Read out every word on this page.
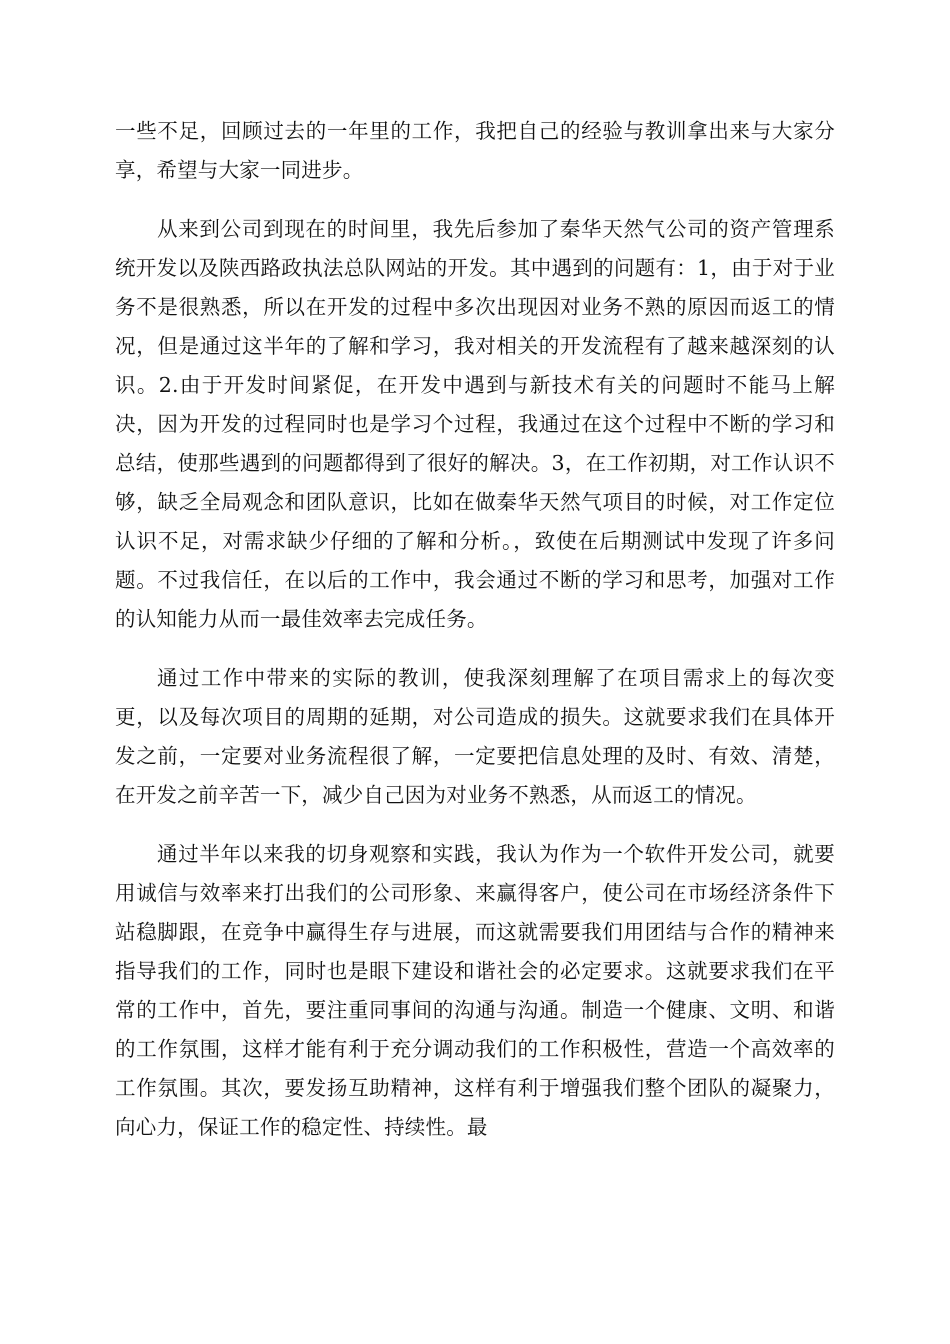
一些不足，回顾过去的一年里的工作，我把自己的经验与教训拿出来与大家分享，希望与大家一同进步。

从来到公司到现在的时间里，我先后参加了秦华天然气公司的资产管理系统开发以及陕西路政执法总队网站的开发。其中遇到的问题有：1，由于对于业务不是很熟悉，所以在开发的过程中多次出现因对业务不熟的原因而返工的情况，但是通过这半年的了解和学习，我对相关的开发流程有了越来越深刻的认识。2.由于开发时间紧促，在开发中遇到与新技术有关的问题时不能马上解决，因为开发的过程同时也是学习个过程，我通过在这个过程中不断的学习和总结，使那些遇到的问题都得到了很好的解决。3，在工作初期，对工作认识不够，缺乏全局观念和团队意识，比如在做秦华天然气项目的时候，对工作定位认识不足，对需求缺少仔细的了解和分析。，致使在后期测试中发现了许多问题。不过我信任，在以后的工作中，我会通过不断的学习和思考，加强对工作的认知能力从而一最佳效率去完成任务。

通过工作中带来的实际的教训，使我深刻理解了在项目需求上的每次变更，以及每次项目的周期的延期，对公司造成的损失。这就要求我们在具体开发之前，一定要对业务流程很了解，一定要把信息处理的及时、有效、清楚，在开发之前辛苦一下，减少自己因为对业务不熟悉，从而返工的情况。

通过半年以来我的切身观察和实践，我认为作为一个软件开发公司，就要用诚信与效率来打出我们的公司形象、来赢得客户，使公司在市场经济条件下站稳脚跟，在竞争中赢得生存与进展，而这就需要我们用团结与合作的精神来指导我们的工作，同时也是眼下建设和谐社会的必定要求。这就要求我们在平常的工作中，首先，要注重同事间的沟通与沟通。制造一个健康、文明、和谐的工作氛围，这样才能有利于充分调动我们的工作积极性，营造一个高效率的工作氛围。其次，要发扬互助精神，这样有利于增强我们整个团队的凝聚力，向心力，保证工作的稳定性、持续性。最
